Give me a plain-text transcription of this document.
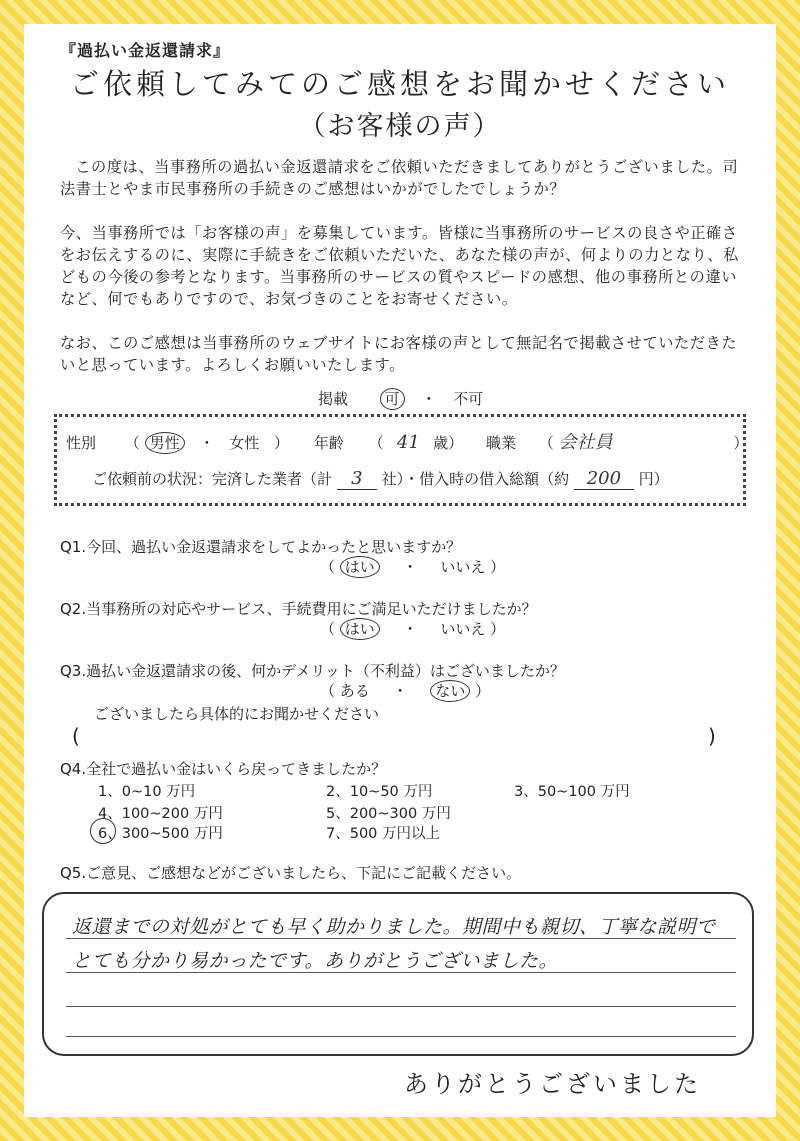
『過払い金返還請求』
ご依頼してみてのご感想をお聞かせください
（お客様の声）
この度は、当事務所の過払い金返還請求をご依頼いただきましてありがとうございました。司法書士とやま市民事務所の手続きのご感想はいかがでしたでしょうか？
今、当事務所では「お客様の声」を募集しています。皆様に当事務所のサービスの良さや正確さをお伝えするのに、実際に手続きをご依頼いただいた、あなた様の声が、何よりの力となり、私どもの今後の参考となります。当事務所のサービスの質やスピードの感想、他の事務所との違いなど、何でもありですので、お気づきのことをお寄せください。
なお、このご感想は当事務所のウェブサイトにお客様の声として無記名で掲載させていただきたいと思っています。よろしくお願いいたします。
掲載 可 ・ 不可
性別 （ 男性 ・ 女性 ） 年齢 （ 41 歳） 職業 （ 会社員	）
ご依頼前の状況：完済した業者（計 3 社）・借入時の借入総額（約 200 円）
Q1.今回、過払い金返還請求をしてよかったと思いますか？
（ はい ・ いいえ ）
Q2.当事務所の対応やサービス、手続費用にご満足いただけましたか？
（ はい ・ いいえ ）
Q3.過払い金返還請求の後、何かデメリット（不利益）はございましたか？
（ ある ・ ない ）
ございましたら具体的にお聞かせください
(	)
Q4.全社で過払い金はいくら戻ってきましたか？
1、0~10 万円	2、10~50 万円	3、50~100 万円
4、100~200 万円	5、200~300 万円
6、300~500 万円	7、500 万円以上
Q5.ご意見、ご感想などがございましたら、下記にご記載ください。
返還までの対処がとても早く助かりました。期間中も親切、丁寧な説明で
とても分かり易かったです。ありがとうございました。
ありがとうございました
